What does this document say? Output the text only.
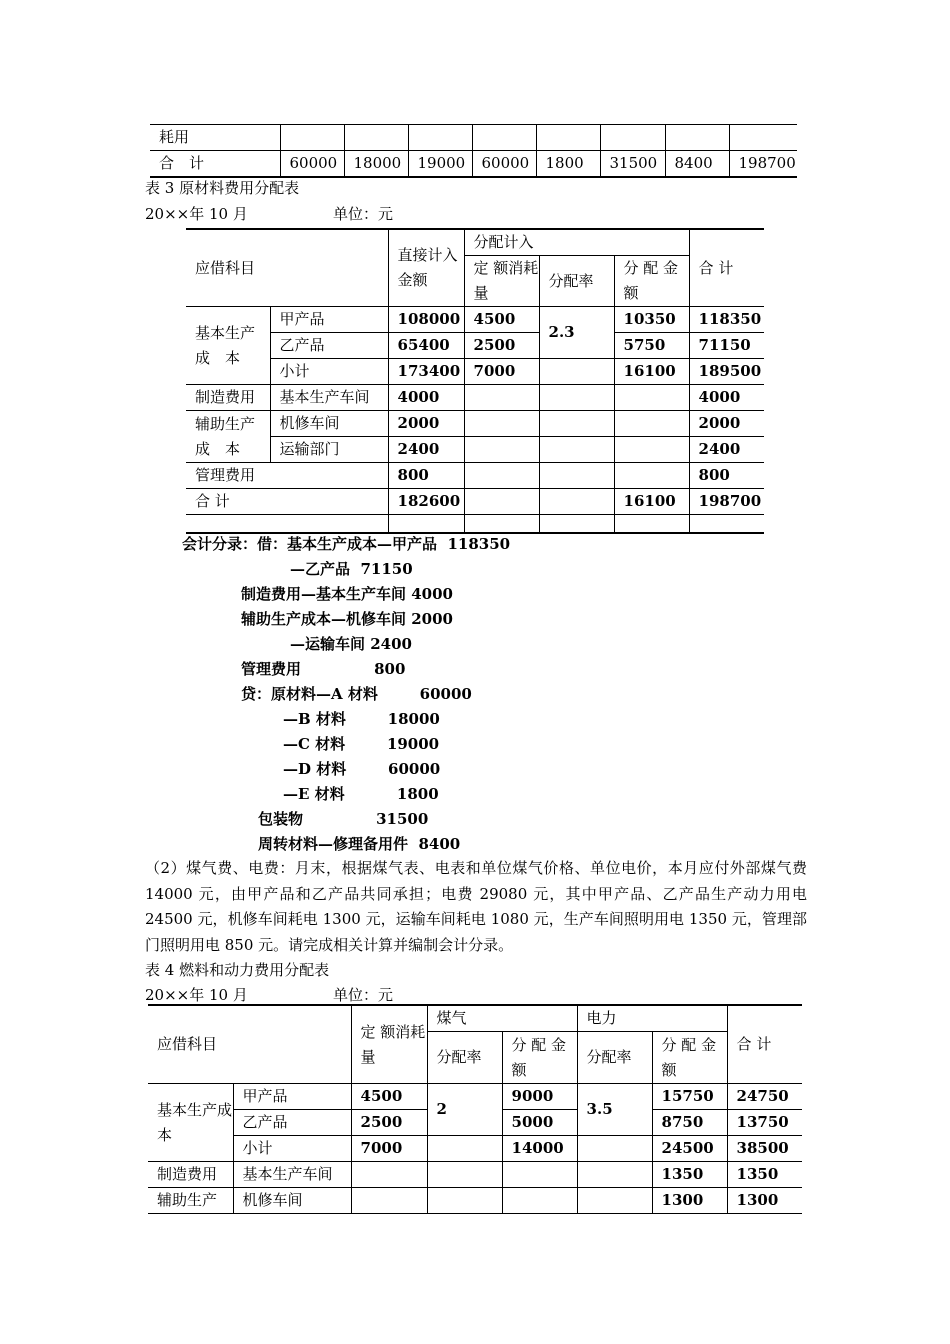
耗用								
合　计	60000	18000	19000	60000	1800	31500	8400	198700
表 3 原材料费用分配表
20××年 10 月	单位：元
应借科目		直接计入金额	分配计入			合 计
			定 额消耗量	分配率	分 配 金额	
基本生产成　本	甲产品	108000	4500	2.3	10350	118350
	乙产品	65400	2500		5750	71150
	小计	173400	7000		16100	189500
制造费用	基本生产车间	4000				4000
辅助生产成　本	机修车间	2000				2000
	运输部门	2400				2400
管理费用		800				800
合 计		182600			16100	198700

会计分录：借：基本生产成本—甲产品  118350
—乙产品  71150
制造费用—基本生产车间 4000
辅助生产成本—机修车间 2000
—运输车间 2400
管理费用              800
贷：原材料—A 材料        60000
—B 材料        18000
—C 材料        19000
—D 材料        60000
—E 材料          1800
包装物              31500
周转材料—修理备用件  8400
（2）煤气费、电费：月末，根据煤气表、电表和单位煤气价格、单位电价，本月应付外部煤气费14000 元，由甲产品和乙产品共同承担；电费 29080 元，其中甲产品、乙产品生产动力用电 24500 元，机修车间耗电 1300 元，运输车间耗电 1080 元，生产车间照明用电 1350 元，管理部门照明用电 850 元。请完成相关计算并编制会计分录。
表 4 燃料和动力费用分配表
20××年 10 月	单位：元
应借科目		定 额消耗量	煤气		电力		合 计
			分配率	分 配 金额	分配率	分 配 金额	
基本生产成　本	甲产品	4500	2	9000	3.5	15750	24750
	乙产品	2500		5000		8750	13750
	小计	7000		14000		24500	38500
制造费用	基本生产车间					1350	1350
辅助生产	机修车间					1300	1300
